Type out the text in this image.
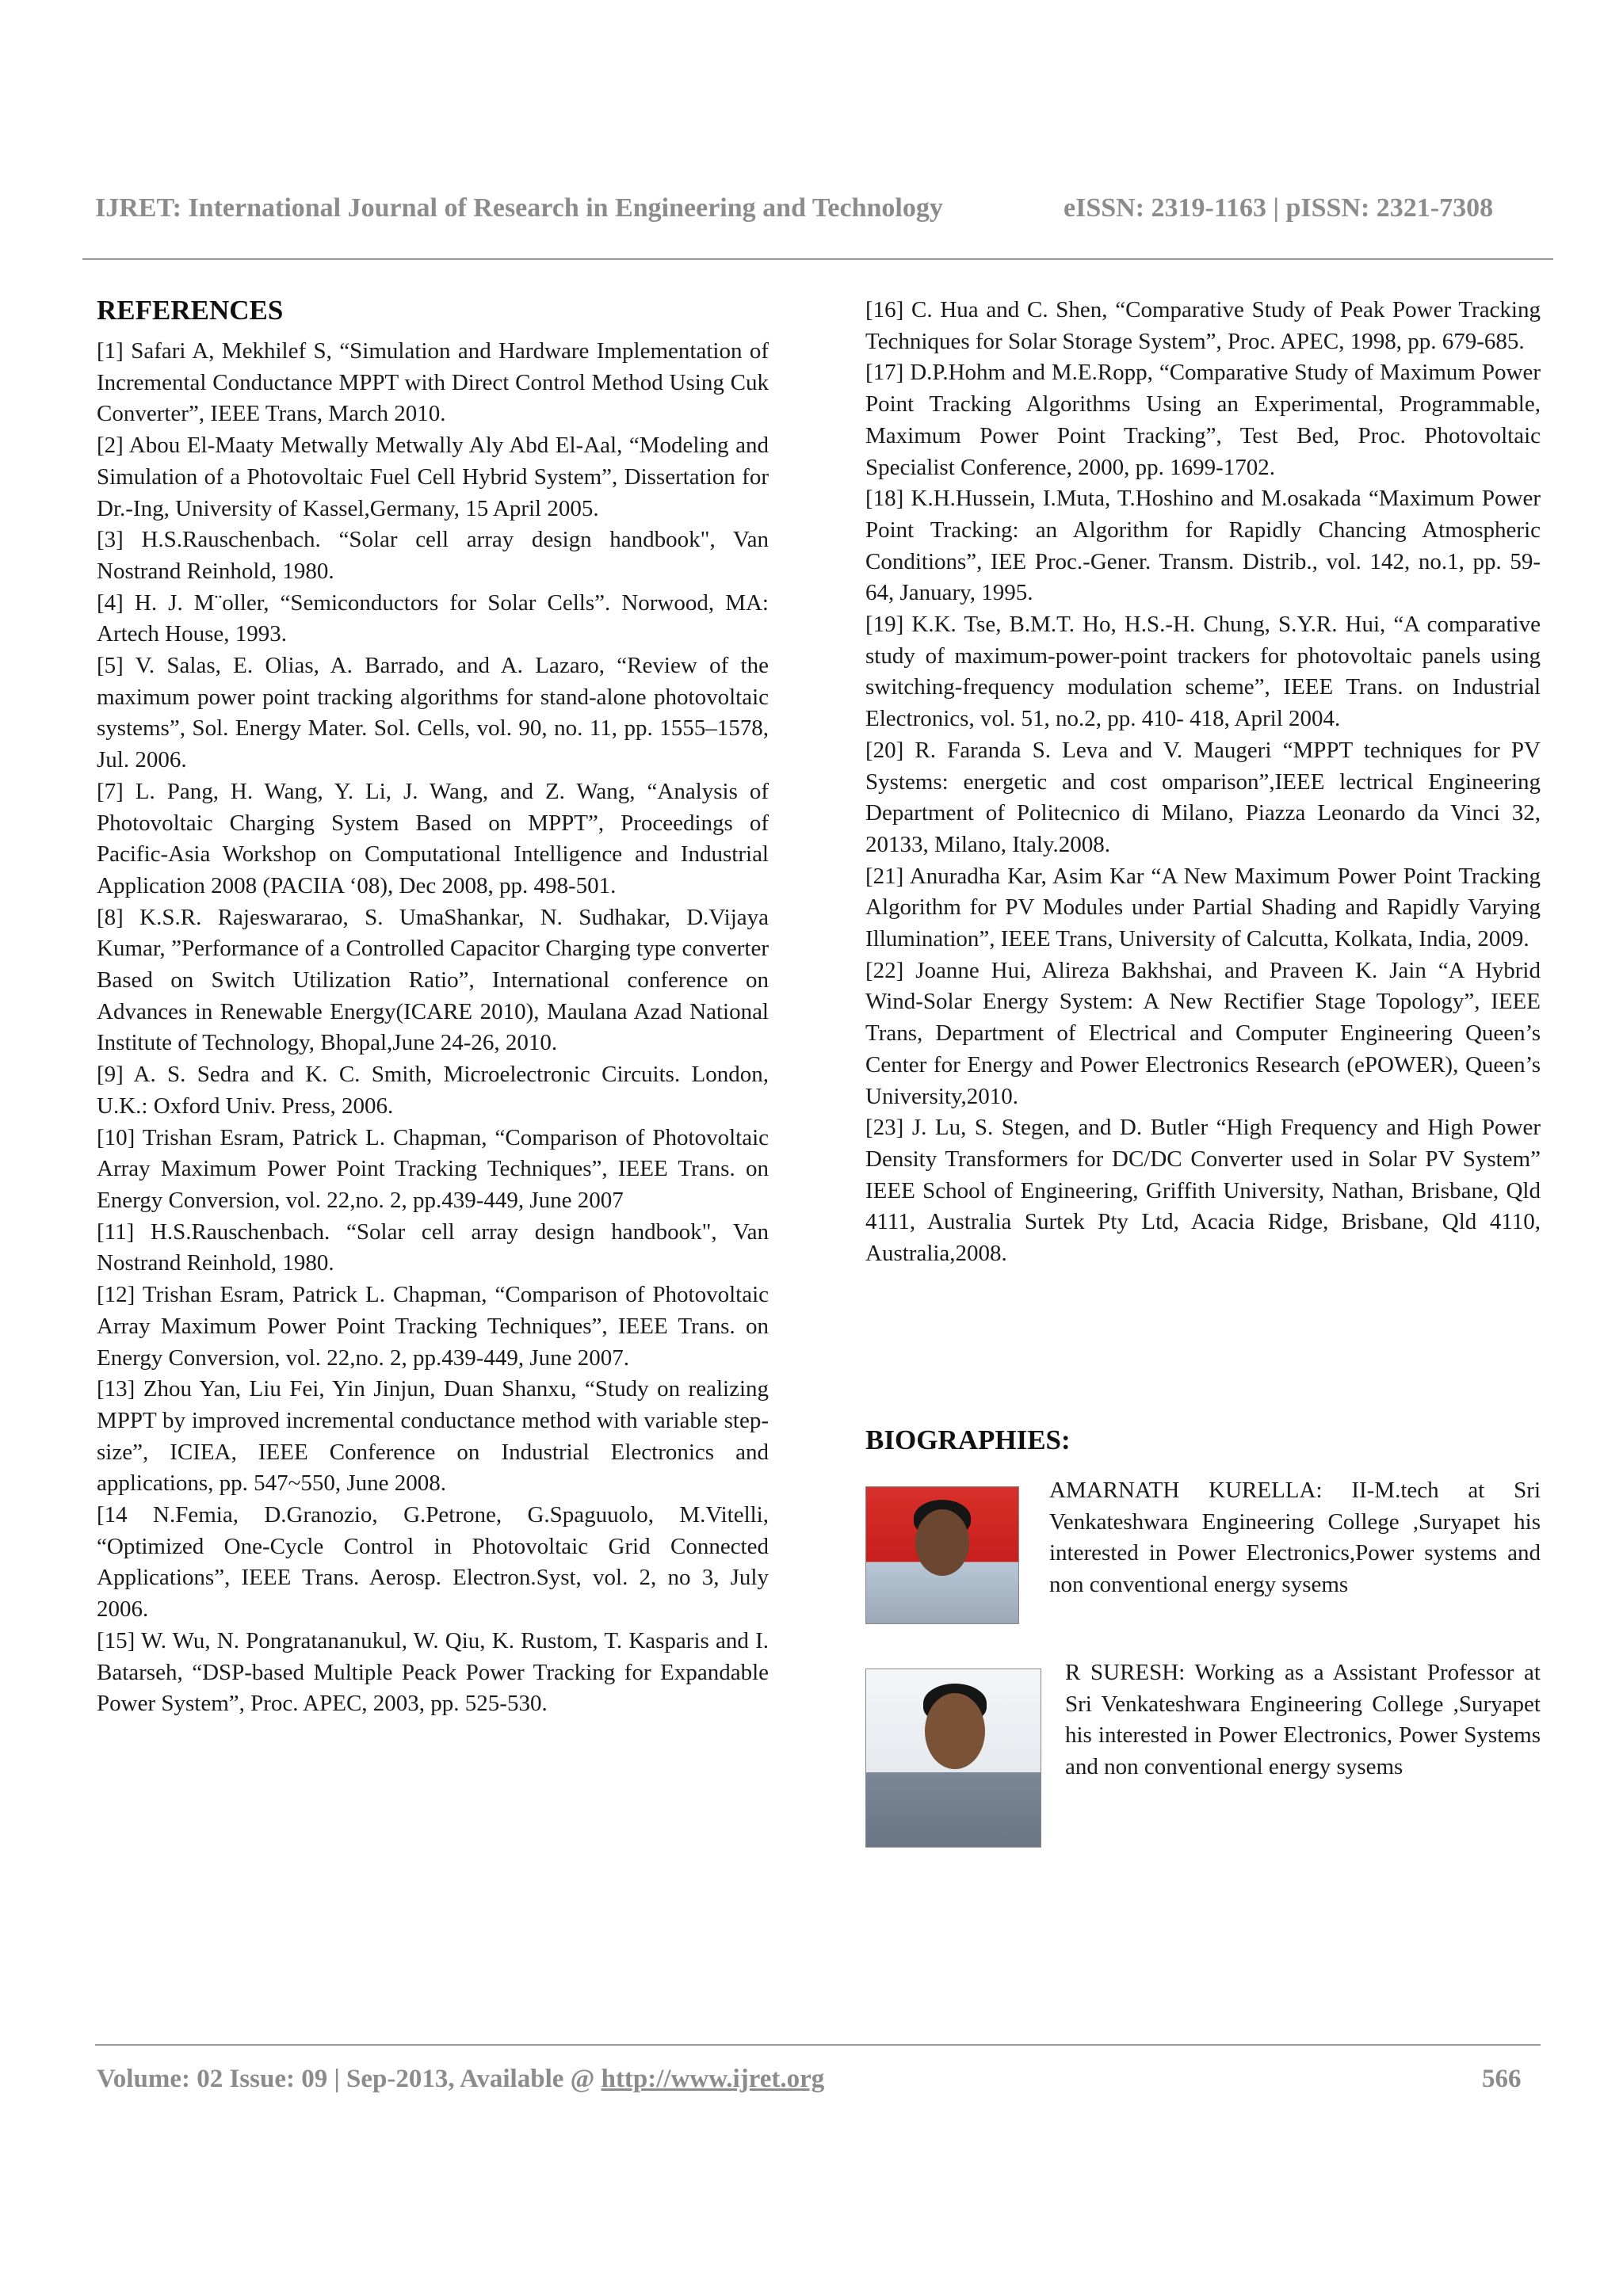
IJRET: International Journal of Research in Engineering and Technology	eISSN: 2319-1163 | pISSN: 2321-7308
REFERENCES

[1] Safari A, Mekhilef S, “Simulation and Hardware Implementation of Incremental Conductance MPPT with Direct Control Method Using Cuk Converter”, IEEE Trans, March 2010.

[2] Abou El-Maaty Metwally Metwally Aly Abd El-Aal, “Modeling and Simulation of a Photovoltaic Fuel Cell Hybrid System”, Dissertation for Dr.-Ing, University of Kassel,Germany, 15 April 2005.

[3] H.S.Rauschenbach. “Solar cell array design handbook", Van Nostrand Reinhold, 1980.

[4] H. J. M¨oller, “Semiconductors for Solar Cells”. Norwood, MA: Artech House, 1993.

[5] V. Salas, E. Olias, A. Barrado, and A. Lazaro, “Review of the maximum power point tracking algorithms for stand-alone photovoltaic systems”, Sol. Energy Mater. Sol. Cells, vol. 90, no. 11, pp. 1555–1578, Jul. 2006.

[7] L. Pang, H. Wang, Y. Li, J. Wang, and Z. Wang, “Analysis of Photovoltaic Charging System Based on MPPT”, Proceedings of Pacific-Asia Workshop on Computational Intelligence and Industrial Application 2008 (PACIIA ‘08), Dec 2008, pp. 498-501.

[8] K.S.R. Rajeswararao, S. UmaShankar, N. Sudhakar, D.Vijaya Kumar, ”Performance of a Controlled Capacitor Charging type converter Based on Switch Utilization Ratio”, International conference on Advances in Renewable Energy(ICARE 2010), Maulana Azad National Institute of Technology, Bhopal,June 24-26, 2010.

[9] A. S. Sedra and K. C. Smith, Microelectronic Circuits. London, U.K.: Oxford Univ. Press, 2006.

[10] Trishan Esram, Patrick L. Chapman, “Comparison of Photovoltaic Array Maximum Power Point Tracking Techniques”, IEEE Trans. on Energy Conversion, vol. 22,no. 2, pp.439-449, June 2007

[11] H.S.Rauschenbach. “Solar cell array design handbook", Van Nostrand Reinhold, 1980.

[12] Trishan Esram, Patrick L. Chapman, “Comparison of Photovoltaic Array Maximum Power Point Tracking Techniques”, IEEE Trans. on Energy Conversion, vol. 22,no. 2, pp.439-449, June 2007.

[13] Zhou Yan, Liu Fei, Yin Jinjun, Duan Shanxu, “Study on realizing MPPT by improved incremental conductance method with variable step-size”, ICIEA, IEEE Conference on Industrial Electronics and applications, pp. 547~550, June 2008.

[14 N.Femia, D.Granozio, G.Petrone, G.Spaguuolo, M.Vitelli, “Optimized One-Cycle Control in Photovoltaic Grid Connected Applications”, IEEE Trans. Aerosp. Electron.Syst, vol. 2, no 3, July 2006.

[15] W. Wu, N. Pongratananukul, W. Qiu, K. Rustom, T. Kasparis and I. Batarseh, “DSP-based Multiple Peack Power Tracking for Expandable Power System”, Proc. APEC, 2003, pp. 525-530.

[16] C. Hua and C. Shen, “Comparative Study of Peak Power Tracking Techniques for Solar Storage System”, Proc. APEC, 1998, pp. 679-685.

[17] D.P.Hohm and M.E.Ropp, “Comparative Study of Maximum Power Point Tracking Algorithms Using an Experimental, Programmable, Maximum Power Point Tracking”, Test Bed, Proc. Photovoltaic Specialist Conference, 2000, pp. 1699-1702.

[18] K.H.Hussein, I.Muta, T.Hoshino and M.osakada “Maximum Power Point Tracking: an Algorithm for Rapidly Chancing Atmospheric Conditions”, IEE Proc.-Gener. Transm. Distrib., vol. 142, no.1, pp. 59-64, January, 1995.

[19] K.K. Tse, B.M.T. Ho, H.S.-H. Chung, S.Y.R. Hui, “A comparative study of maximum-power-point trackers for photovoltaic panels using switching-frequency modulation scheme”, IEEE Trans. on Industrial Electronics, vol. 51, no.2, pp. 410- 418, April 2004.

[20] R. Faranda S. Leva and V. Maugeri “MPPT techniques for PV Systems: energetic and cost omparison”,IEEE lectrical Engineering Department of Politecnico di Milano, Piazza Leonardo da Vinci 32, 20133, Milano, Italy.2008.

[21] Anuradha Kar, Asim Kar “A New Maximum Power Point Tracking Algorithm for PV Modules under Partial Shading and Rapidly Varying Illumination”, IEEE Trans, University of Calcutta, Kolkata, India, 2009.

[22] Joanne Hui, Alireza Bakhshai, and Praveen K. Jain “A Hybrid Wind-Solar Energy System: A New Rectifier Stage Topology”, IEEE Trans, Department of Electrical and Computer Engineering Queen’s Center for Energy and Power Electronics Research (ePOWER), Queen’s University,2010.

[23] J. Lu, S. Stegen, and D. Butler “High Frequency and High Power Density Transformers for DC/DC Converter used in Solar PV System” IEEE School of Engineering, Griffith University, Nathan, Brisbane, Qld 4111, Australia Surtek Pty Ltd, Acacia Ridge, Brisbane, Qld 4110, Australia,2008.

BIOGRAPHIES:
AMARNATH KURELLA: II-M.tech at Sri Venkateshwara Engineering College ,Suryapet his interested in Power Electronics,Power systems and non conventional energy sysems
R SURESH: Working as a Assistant Professor at Sri Venkateshwara Engineering College ,Suryapet his interested in Power Electronics, Power Systems and non conventional energy sysems
Volume: 02 Issue: 09 | Sep-2013, Available @ http://www.ijret.org	566
